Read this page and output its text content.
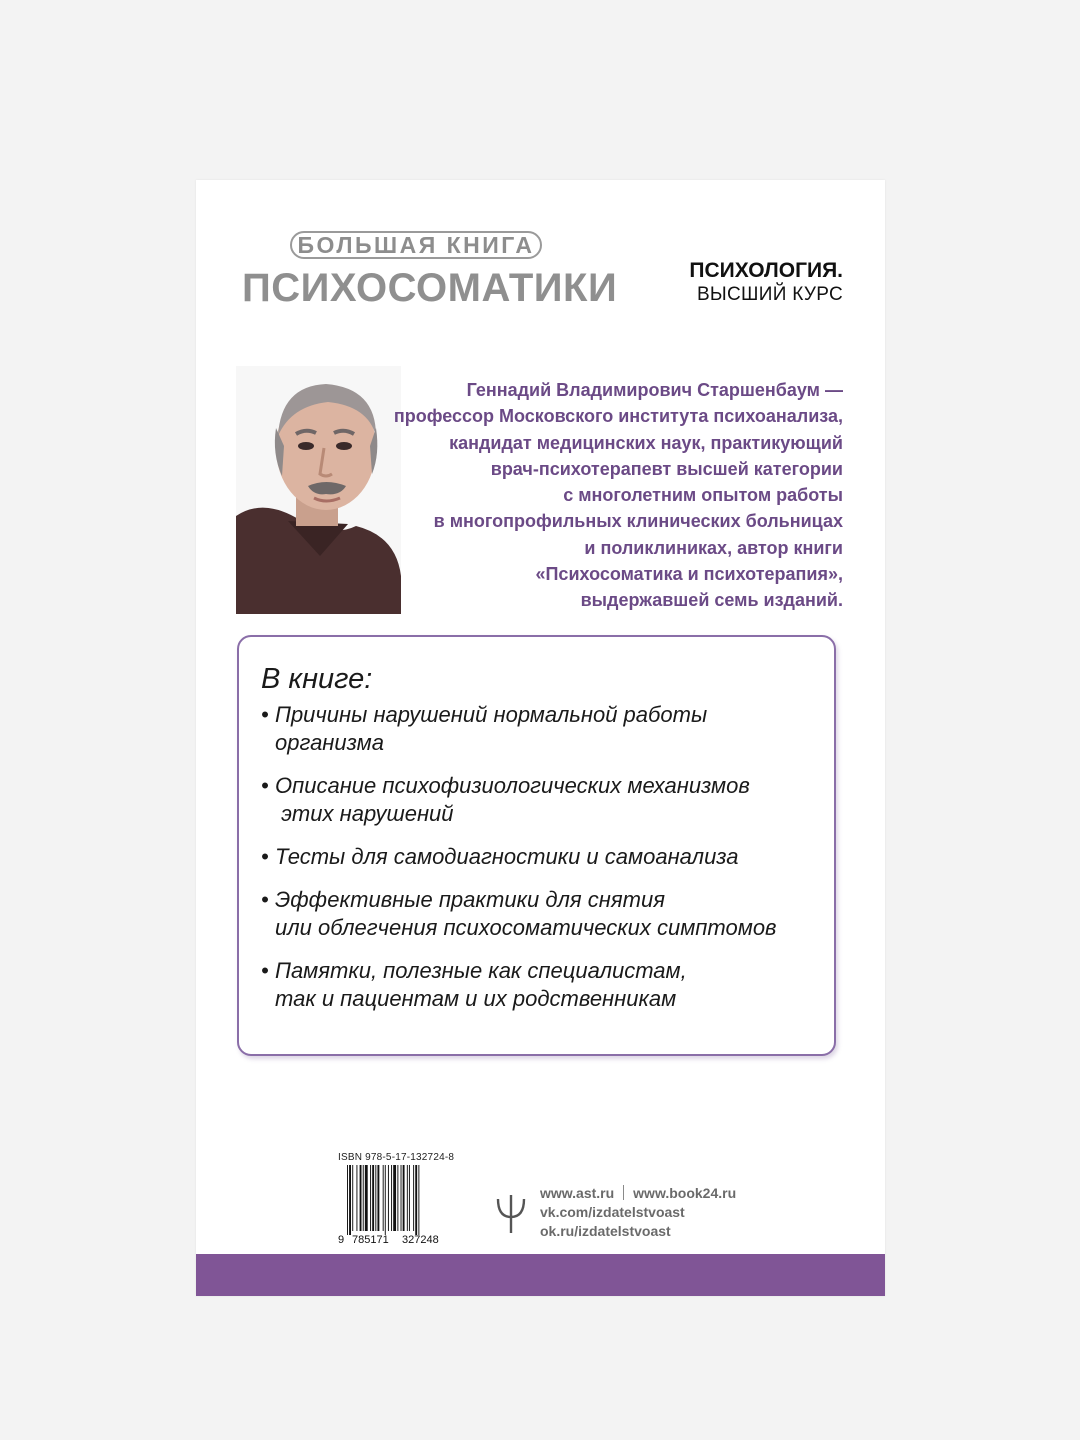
БОЛЬШАЯ КНИГА
ПСИХОСОМАТИКИ	ПСИХОЛОГИЯ.
ВЫСШИЙ КУРС
Геннадий Владимирович Старшенбаум —
профессор Московского института психоанализа,
кандидат медицинских наук, практикующий
врач-психотерапевт высшей категории
с многолетним опытом работы
в многопрофильных клинических больницах
и поликлиниках, автор книги
«Психосоматика и психотерапия»,
выдержавшей семь изданий.
В книге:
• Причины нарушений нормальной работы
организма
• Описание психофизиологических механизмов
этих нарушений
• Тесты для самодиагностики и самоанализа
• Эффективные практики для снятия
или облегчения психосоматических симптомов
• Памятки, полезные как специалистам,
так и пациентам и их родственникам
ISBN 978-5-17-132724-8
9 785171 327248
www.ast.ru www.book24.ru
vk.com/izdatelstvoast
ok.ru/izdatelstvoast
